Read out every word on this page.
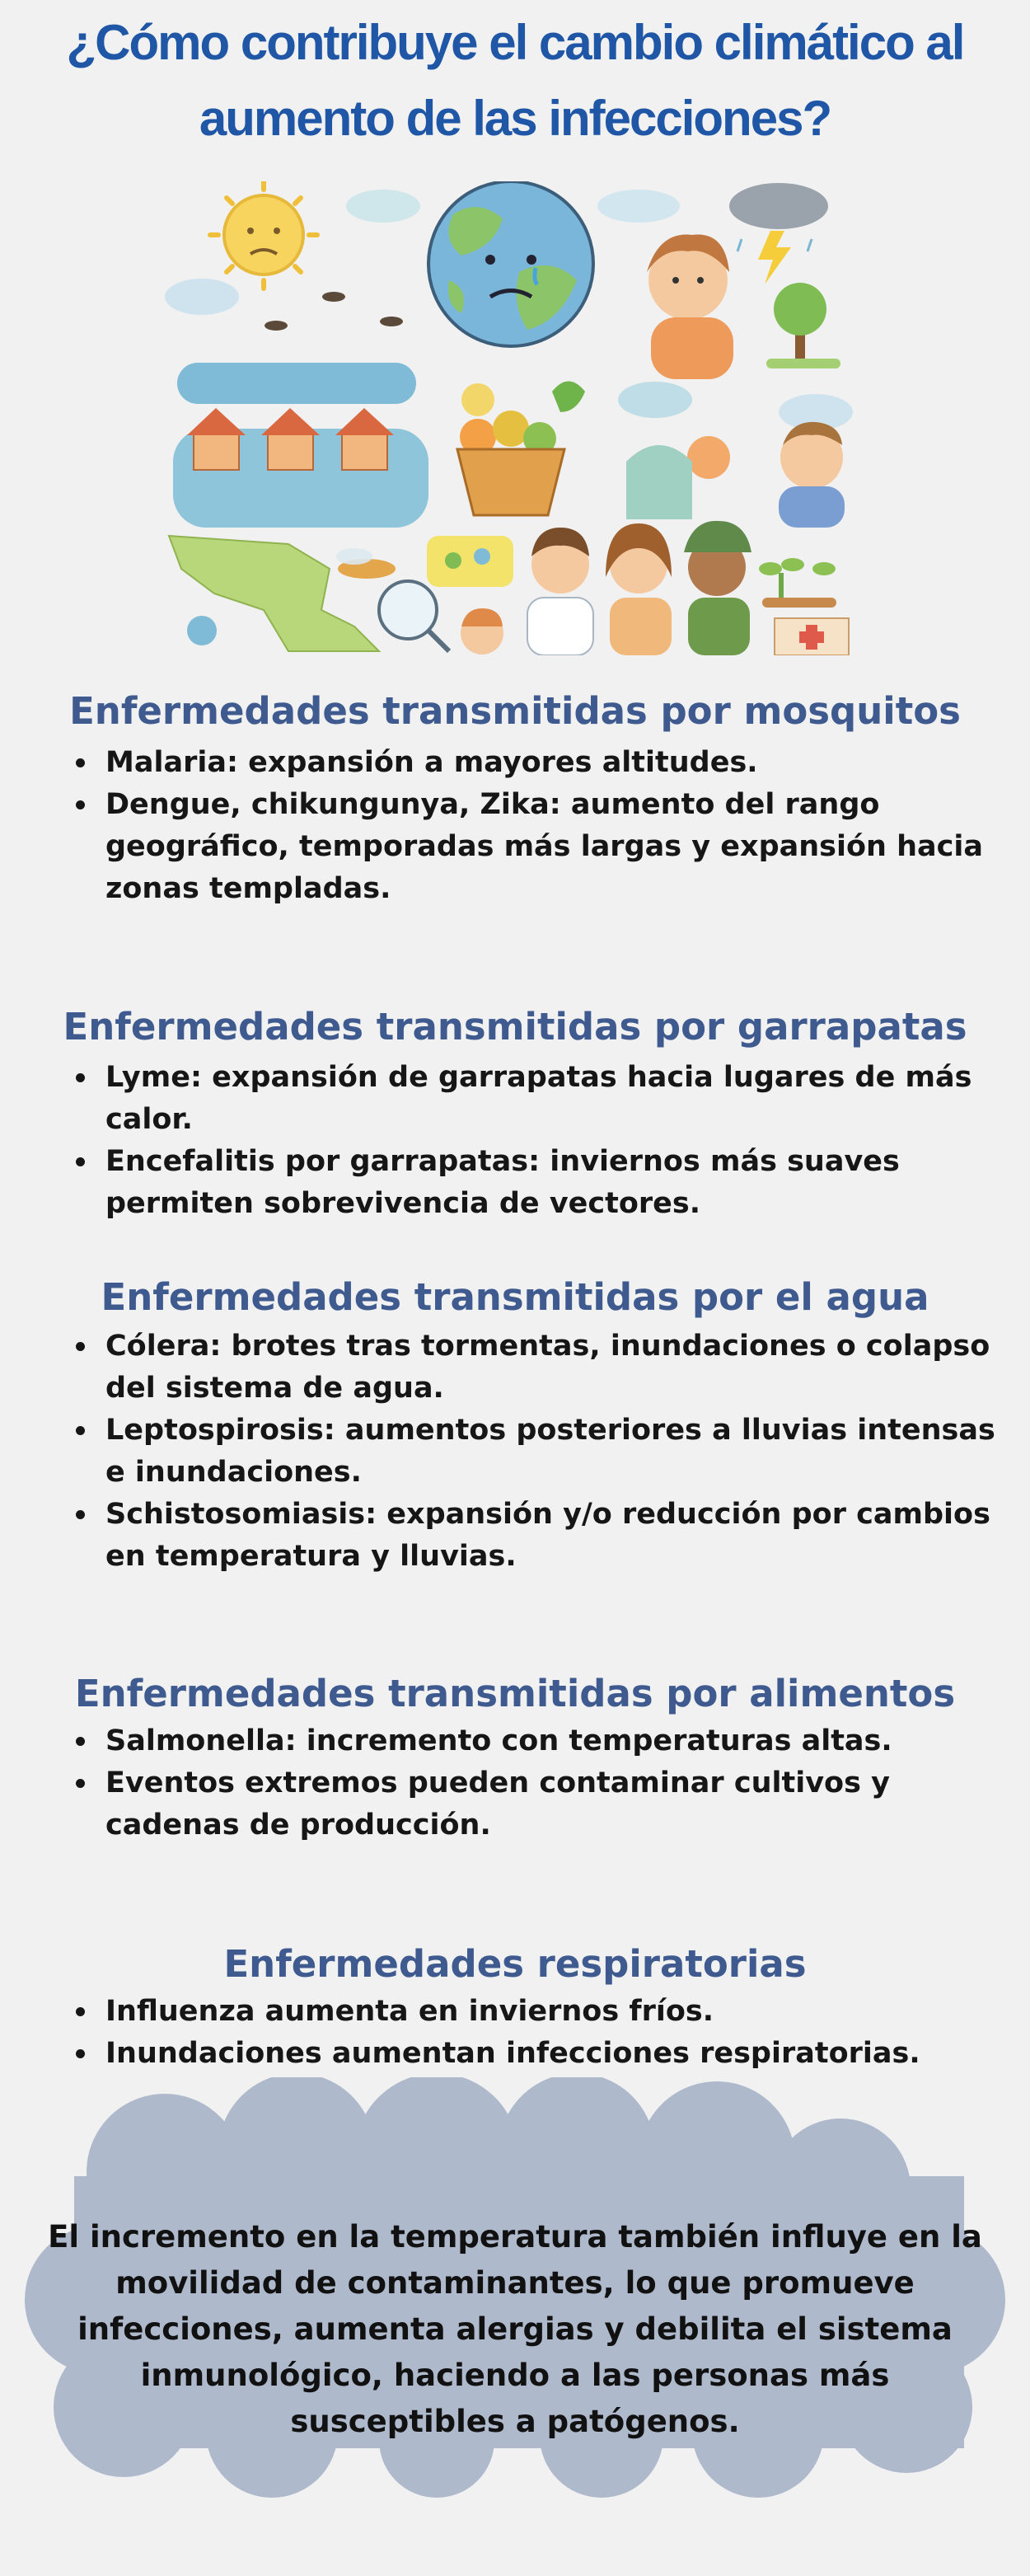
¿Cómo contribuye el cambio climático al aumento de las infecciones?
Enfermedades transmitidas por mosquitos
Malaria: expansión a mayores altitudes.
Dengue, chikungunya, Zika: aumento del rango geográfico, temporadas más largas y expansión hacia zonas templadas.
Enfermedades transmitidas por garrapatas
Lyme: expansión de garrapatas hacia lugares de más calor.
Encefalitis por garrapatas: inviernos más suaves permiten sobrevivencia de vectores.
Enfermedades transmitidas por el agua
Cólera: brotes tras tormentas, inundaciones o colapso del sistema de agua.
Leptospirosis: aumentos posteriores a lluvias intensas e inundaciones.
Schistosomiasis: expansión y/o reducción por cambios en temperatura y lluvias.
Enfermedades transmitidas por alimentos
Salmonella: incremento con temperaturas altas.
Eventos extremos pueden contaminar cultivos y cadenas de producción.
Enfermedades respiratorias
Influenza aumenta en inviernos fríos.
Inundaciones aumentan infecciones respiratorias.

El incremento en la temperatura también influye en la movilidad de contaminantes, lo que promueve infecciones, aumenta alergias y debilita el sistema inmunológico, haciendo a las personas más susceptibles a patógenos.
